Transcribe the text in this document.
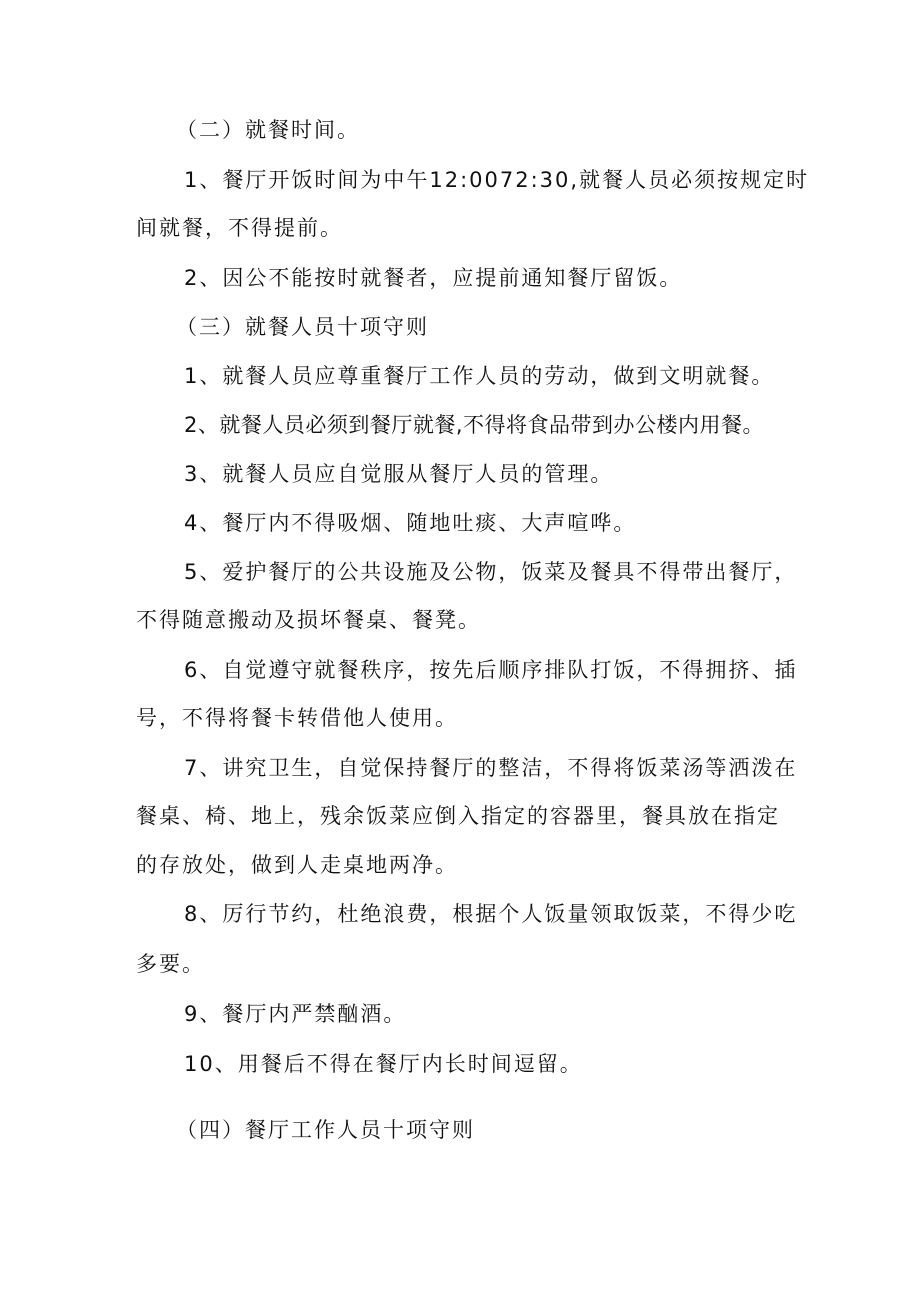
（二）就餐时间。
1、餐厅开饭时间为中午12:0072:30,就餐人员必须按规定时
间就餐，不得提前。
2、因公不能按时就餐者，应提前通知餐厅留饭。
（三）就餐人员十项守则
1、就餐人员应尊重餐厅工作人员的劳动，做到文明就餐。
2、就餐人员必须到餐厅就餐,不得将食品带到办公楼内用餐。
3、就餐人员应自觉服从餐厅人员的管理。
4、餐厅内不得吸烟、随地吐痰、大声喧哗。
5、爱护餐厅的公共设施及公物，饭菜及餐具不得带出餐厅，
不得随意搬动及损坏餐桌、餐凳。
6、自觉遵守就餐秩序，按先后顺序排队打饭，不得拥挤、插
号，不得将餐卡转借他人使用。
7、讲究卫生，自觉保持餐厅的整洁，不得将饭菜汤等洒泼在
餐桌、椅、地上，残余饭菜应倒入指定的容器里，餐具放在指定
的存放处，做到人走桌地两净。
8、厉行节约，杜绝浪费，根据个人饭量领取饭菜，不得少吃
多要。
9、餐厅内严禁酗酒。
10、用餐后不得在餐厅内长时间逗留。
（四）餐厅工作人员十项守则
